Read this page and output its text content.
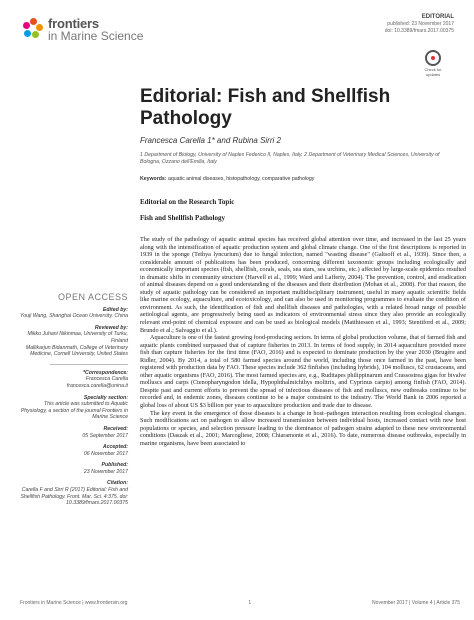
frontiers
in Marine Science
EDITORIAL
published: 23 November 2017
doi: 10.3389/fmars.2017.00375
Check for updates
Editorial: Fish and Shellfish Pathology
Francesca Carella 1* and Rubina Sirri 2
1 Department of Biology, University of Naples Federico II, Naples, Italy, 2 Department of Veterinary Medical Sciences, University of Bologna, Ozzano dell'Emilia, Italy
Keywords: aquatic animal diseases, histopathology, comparative pathology
Editorial on the Research Topic
Fish and Shellfish Pathology

The study of the pathology of aquatic animal species has received global attention over time, and increased in the last 25 years along with the intensification of aquatic production system and global climate change. One of the first descriptions is reported in 1939 in the sponge (Tethya lyncurium) due to fungal infection, named "wasting disease" (Galtsoff et al., 1939). Since then, a considerable amount of publications has been produced, concerning different taxonomic groups including ecologically and economically important species (fish, shellfish, corals, seals, sea stars, sea urchins, etc.) affected by large-scale epidemics resulted in dramatic shifts in community structure (Harvell et al., 1999; Ward and Lafferty, 2004). The prevention, control, and eradication of animal diseases depend on a good understanding of the diseases and their distribution (Mohan et al., 2008). For that reason, the study of aquatic pathology can be considered an important multidisciplinary instrument, useful in many aquatic scientific fields like marine ecology, aquaculture, and ecotoxicology, and can also be used in monitoring programmes to evaluate the condition of environment. As such, the identification of fish and shellfish diseases and pathologies, with a related broad range of possible aetiological agents, are progressively being used as indicators of environmental stress since they also provide an ecologically relevant end-point of chemical exposure and can be used as biological models (Matthiessen et al., 1993; Stentiford et al., 2009; Brundo et al.; Salvaggio et al.).

Aquaculture is one of the fastest growing food-producing sectors. In terms of global production volume, that of farmed fish and aquatic plants combined surpassed that of capture fisheries in 2013. In terms of food supply, in 2014 aquaculture provided more fish than capture fisheries for the first time (FAO, 2016) and is expected to dominate production by the year 2030 (Brugère and Ridler, 2004). By 2014, a total of 580 farmed species around the world, including those once farmed in the past, have been registered with production data by FAO. These species include 362 finfishes (including hybrids), 104 molluscs, 62 crustaceans, and other aquatic organisms (FAO, 2016). The most farmed species are, e.g., Ruditapes philippinarum and Crassostrea gigas for bivalve molluscs and carps (Ctenopharyngodon idella, Hypophthalmichthys molitrix, and Cyprinus carpio) among finfish (FAO, 2014). Despite past and current efforts to prevent the spread of infectious diseases of fish and molluscs, new outbreaks continue to be recorded and, in endemic zones, diseases continue to be a major constraint to the industry. The World Bank in 2006 reported a global loss of about US $3 billion per year to aquaculture production and trade due to disease.

The key event in the emergence of those diseases is a change in host–pathogen interaction resulting from ecological changes. Such modifications act on pathogen to allow increased transmission between individual hosts, increased contact with new host populations or species, and selection pressure leading to the dominance of pathogen strains adapted to these new environmental conditions (Daszak et al., 2001; Marcogliese, 2008; Chiaramonte et al., 2016). To date, numerous disease outbreaks, especially in marine organisms, have been associated to

OPEN ACCESS
Edited by:
Youji Wang, Shanghai Ocean University, China
Reviewed by:
Mikko Juhani Nikinmaa, University of Turku, Finland
Mallikarjun Bidanmath, College of Veterinary Medicine, Cornell University, United States
*Correspondence:
Francesca Carella
francesca.carella@unina.it
Specialty section:
This article was submitted to Aquatic Physiology, a section of the journal Frontiers in Marine Science
Received:
05 September 2017
Accepted:
06 November 2017
Published:
23 November 2017
Citation:
Carella F and Sirri R (2017) Editorial: Fish and Shellfish Pathology. Front. Mar. Sci. 4:375. doi: 10.3389/fmars.2017.00375
Frontiers in Marine Science | www.frontiersin.org	1	November 2017 | Volume 4 | Article 375
